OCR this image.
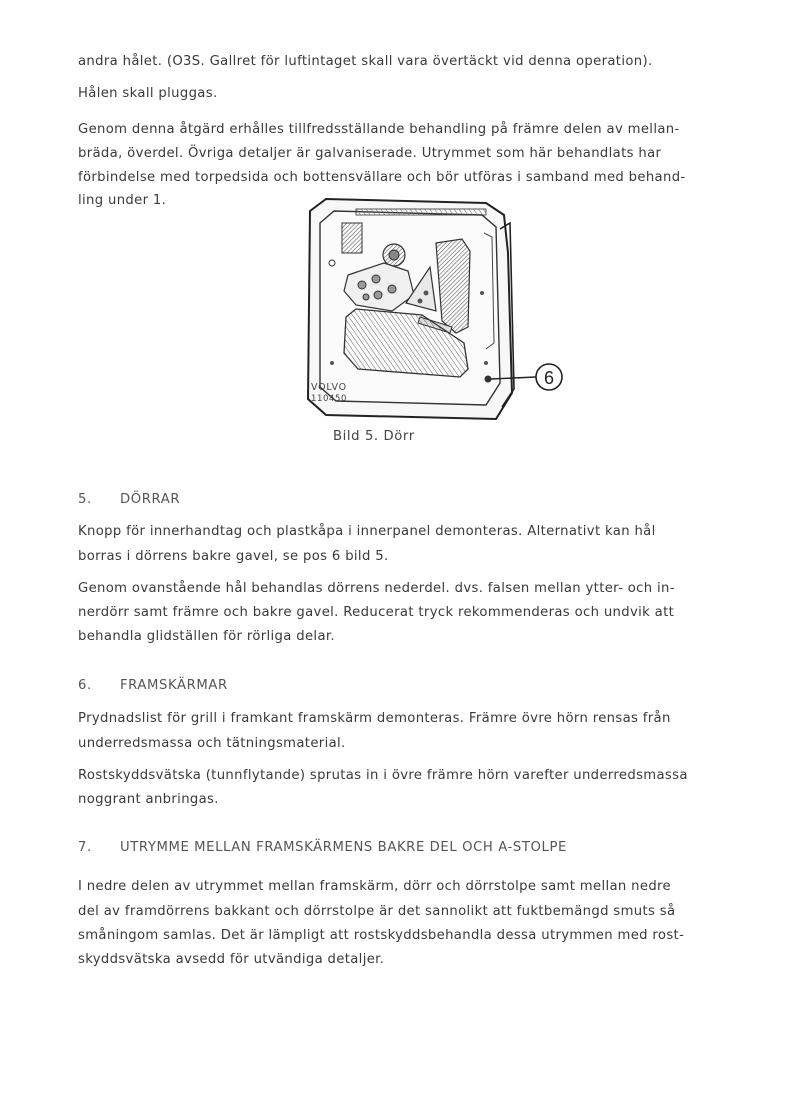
andra hålet. (O3S. Gallret för luftintaget skall vara övertäckt vid denna operation).
Hålen skall pluggas.
Genom denna åtgärd erhålles tillfredsställande behandling på främre delen av mellan-
bräda, överdel. Övriga detaljer är galvaniserade. Utrymmet som här behandlats har
förbindelse med torpedsida och bottensvällare och bör utföras i samband med behand-
ling under 1.
6
VOLVO
110450
Bild 5. Dörr
5. DÖRRAR
Knopp för innerhandtag och plastkåpa i innerpanel demonteras. Alternativt kan hål
borras i dörrens bakre gavel, se pos 6 bild 5.
Genom ovanstående hål behandlas dörrens nederdel. dvs. falsen mellan ytter- och in-
nerdörr samt främre och bakre gavel. Reducerat tryck rekommenderas och undvik att
behandla glidställen för rörliga delar.
6. FRAMSKÄRMAR
Prydnadslist för grill i framkant framskärm demonteras. Främre övre hörn rensas från
underredsmassa och tätningsmaterial.
Rostskyddsvätska (tunnflytande) sprutas in i övre främre hörn varefter underredsmassa
noggrant anbringas.
7. UTRYMME MELLAN FRAMSKÄRMENS BAKRE DEL OCH A-STOLPE
I nedre delen av utrymmet mellan framskärm, dörr och dörrstolpe samt mellan nedre
del av framdörrens bakkant och dörrstolpe är det sannolikt att fuktbemängd smuts så
småningom samlas. Det är lämpligt att rostskyddsbehandla dessa utrymmen med rost-
skyddsvätska avsedd för utvändiga detaljer.
